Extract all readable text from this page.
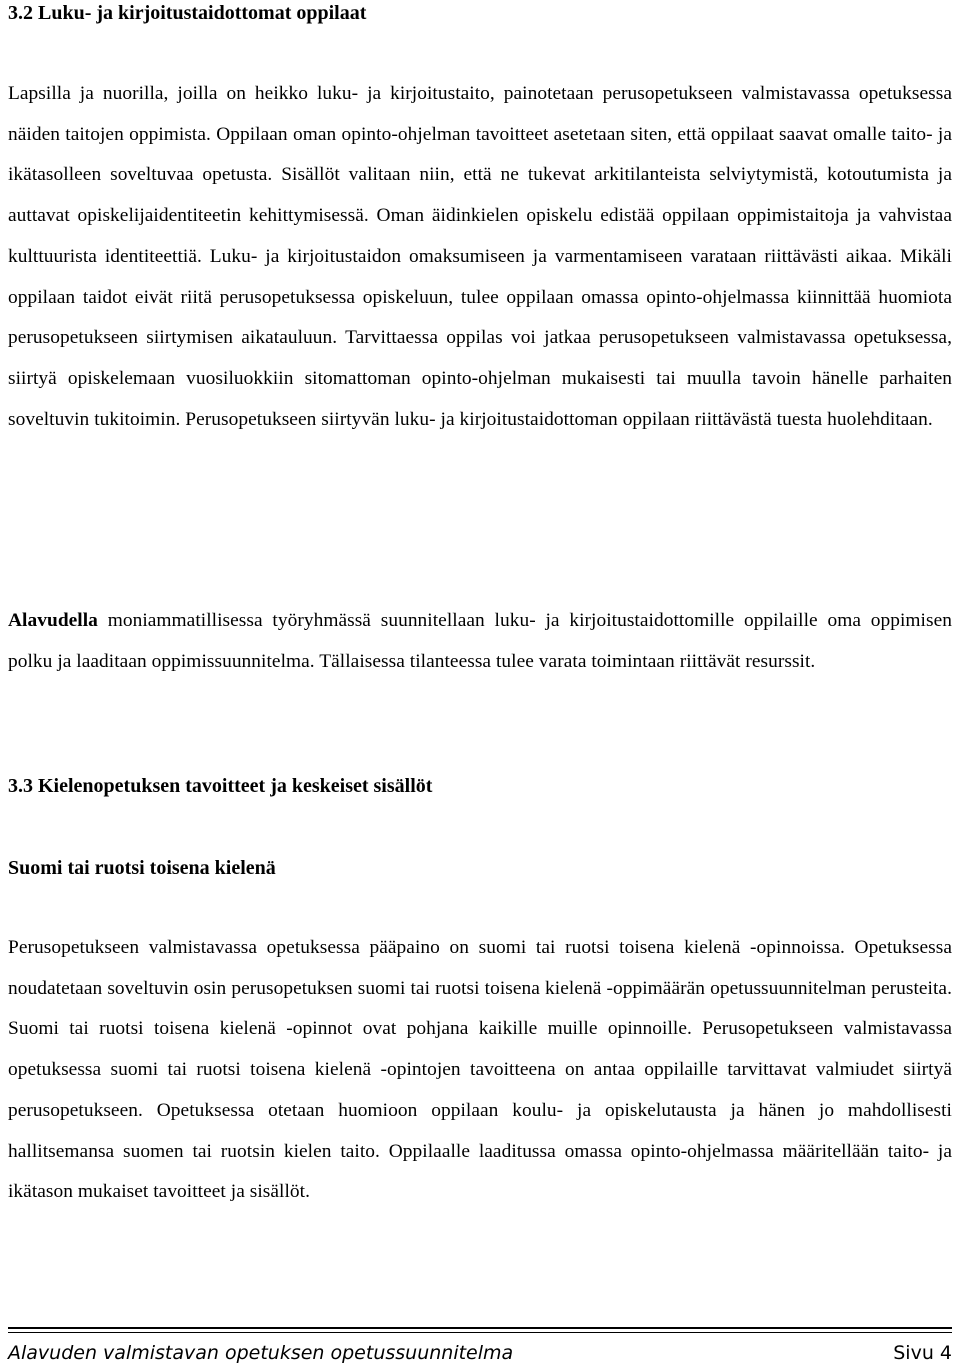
3.2 Luku- ja kirjoitustaidottomat oppilaat

Lapsilla ja nuorilla, joilla on heikko luku- ja kirjoitustaito, painotetaan perusopetukseen valmistavassa opetuksessa näiden taitojen oppimista. Oppilaan oman opinto-ohjelman tavoitteet asetetaan siten, että oppilaat saavat omalle taito- ja ikätasolleen soveltuvaa opetusta. Sisällöt valitaan niin, että ne tukevat arkitilanteista selviytymistä, kotoutumista ja auttavat opiskelijaidentiteetin kehittymisessä. Oman äidinkielen opiskelu edistää oppilaan oppimistaitoja ja vahvistaa kulttuurista identiteettiä. Luku- ja kirjoitustaidon omaksumiseen ja varmentamiseen varataan riittävästi aikaa. Mikäli oppilaan taidot eivät riitä perusopetuksessa opiskeluun, tulee oppilaan omassa opinto-ohjelmassa kiinnittää huomiota perusopetukseen siirtymisen aikatauluun. Tarvittaessa oppilas voi jatkaa perusopetukseen valmistavassa opetuksessa, siirtyä opiskelemaan vuosiluokkiin sitomattoman opinto-ohjelman mukaisesti tai muulla tavoin hänelle parhaiten soveltuvin tukitoimin. Perusopetukseen siirtyvän luku- ja kirjoitustaidottoman oppilaan riittävästä tuesta huolehditaan.

Alavudella moniammatillisessa työryhmässä suunnitellaan luku- ja kirjoitustaidottomille oppilaille oma oppimisen polku ja laaditaan oppimissuunnitelma. Tällaisessa tilanteessa tulee varata toimintaan riittävät resurssit.

3.3 Kielenopetuksen tavoitteet ja keskeiset sisällöt
Suomi tai ruotsi toisena kielenä

Perusopetukseen valmistavassa opetuksessa pääpaino on suomi tai ruotsi toisena kielenä -opinnoissa. Opetuksessa noudatetaan soveltuvin osin perusopetuksen suomi tai ruotsi toisena kielenä -oppimäärän opetussuunnitelman perusteita. Suomi tai ruotsi toisena kielenä -opinnot ovat pohjana kaikille muille opinnoille. Perusopetukseen valmistavassa opetuksessa suomi tai ruotsi toisena kielenä -opintojen tavoitteena on antaa oppilaille tarvittavat valmiudet siirtyä perusopetukseen. Opetuksessa otetaan huomioon oppilaan koulu- ja opiskelutausta ja hänen jo mahdollisesti hallitsemansa suomen tai ruotsin kielen taito. Oppilaalle laaditussa omassa opinto-ohjelmassa määritellään taito- ja ikätason mukaiset tavoitteet ja sisällöt.

Alavuden valmistavan opetuksen opetussuunnitelma	Sivu 4
